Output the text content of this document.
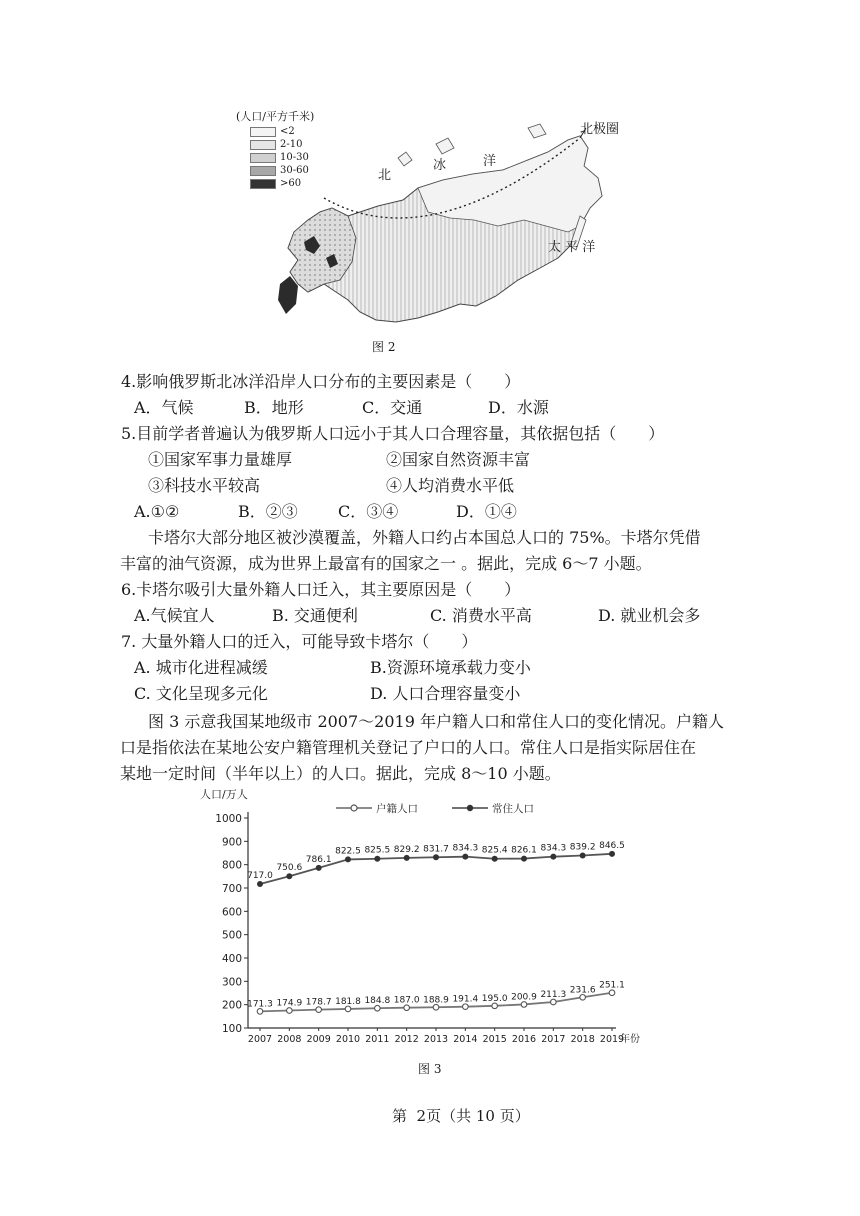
(人口/平方千米)

<2

2-10

10-30

30-60

>60

北极圈
北
冰	洋
太 平 洋
图 2
4.影响俄罗斯北冰洋沿岸人口分布的主要因素是（　　）
A．气候	B．地形	C．交通	D．水源
5.目前学者普遍认为俄罗斯人口远小于其人口合理容量，其依据包括（　　）
①国家军事力量雄厚	②国家自然资源丰富
③科技水平较高	④人均消费水平低
A.①②	B．②③	C．③④	D．①④
卡塔尔大部分地区被沙漠覆盖，外籍人口约占本国总人口的 75%。卡塔尔凭借
丰富的油气资源，成为世界上最富有的国家之一 。据此，完成 6～7 小题。
6.卡塔尔吸引大量外籍人口迁入，其主要原因是（　　）
A.气候宜人	B. 交通便利	C. 消费水平高	D. 就业机会多
7. 大量外籍人口的迁入，可能导致卡塔尔（　　）
A. 城市化进程减缓	B.资源环境承载力变小
C. 文化呈现多元化	D. 人口合理容量变小
图 3 示意我国某地级市 2007～2019 年户籍人口和常住人口的变化情况。户籍人
口是指依法在某地公安户籍管理机关登记了户口的人口。常住人口是指实际居住在
某地一定时间（半年以上）的人口。据此，完成 8～10 小题。
人口/万人
年份
100
200
300
400
500
600
700
800
900
1000
2007 2008 2009 2010 2011 2012 2013 2014 2015 2016 2017 2018 2019
户籍人口	常住人口
171.3 174.9 178.7 181.8 184.8 187.0 188.9 191.4 195.0 200.9 211.3 231.6 251.1
717.0
750.6
786.1
822.5 825.5 829.2 831.7 834.3 825.4 826.1 834.3 839.2 846.5
图 3
第  2页（共 10 页）
